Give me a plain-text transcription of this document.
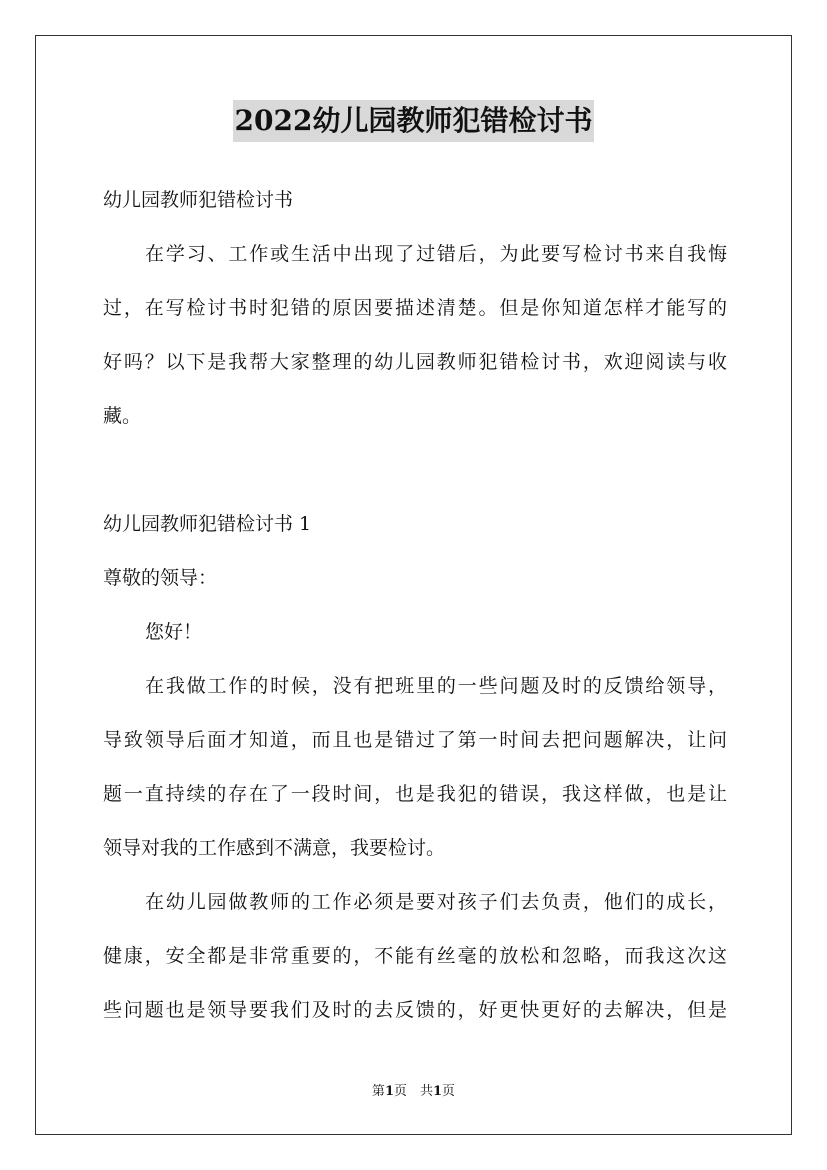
2022幼儿园教师犯错检讨书
幼儿园教师犯错检讨书
在学习、工作或生活中出现了过错后，为此要写检讨书来自我悔
过，在写检讨书时犯错的原因要描述清楚。但是你知道怎样才能写的
好吗？以下是我帮大家整理的幼儿园教师犯错检讨书，欢迎阅读与收
藏。
幼儿园教师犯错检讨书 1
尊敬的领导：
您好！
在我做工作的时候，没有把班里的一些问题及时的反馈给领导，
导致领导后面才知道，而且也是错过了第一时间去把问题解决，让问
题一直持续的存在了一段时间，也是我犯的错误，我这样做，也是让
领导对我的工作感到不满意，我要检讨。
在幼儿园做教师的工作必须是要对孩子们去负责，他们的成长，
健康，安全都是非常重要的，不能有丝毫的放松和忽略，而我这次这
些问题也是领导要我们及时的去反馈的，好更快更好的去解决，但是
第1页　共1页
